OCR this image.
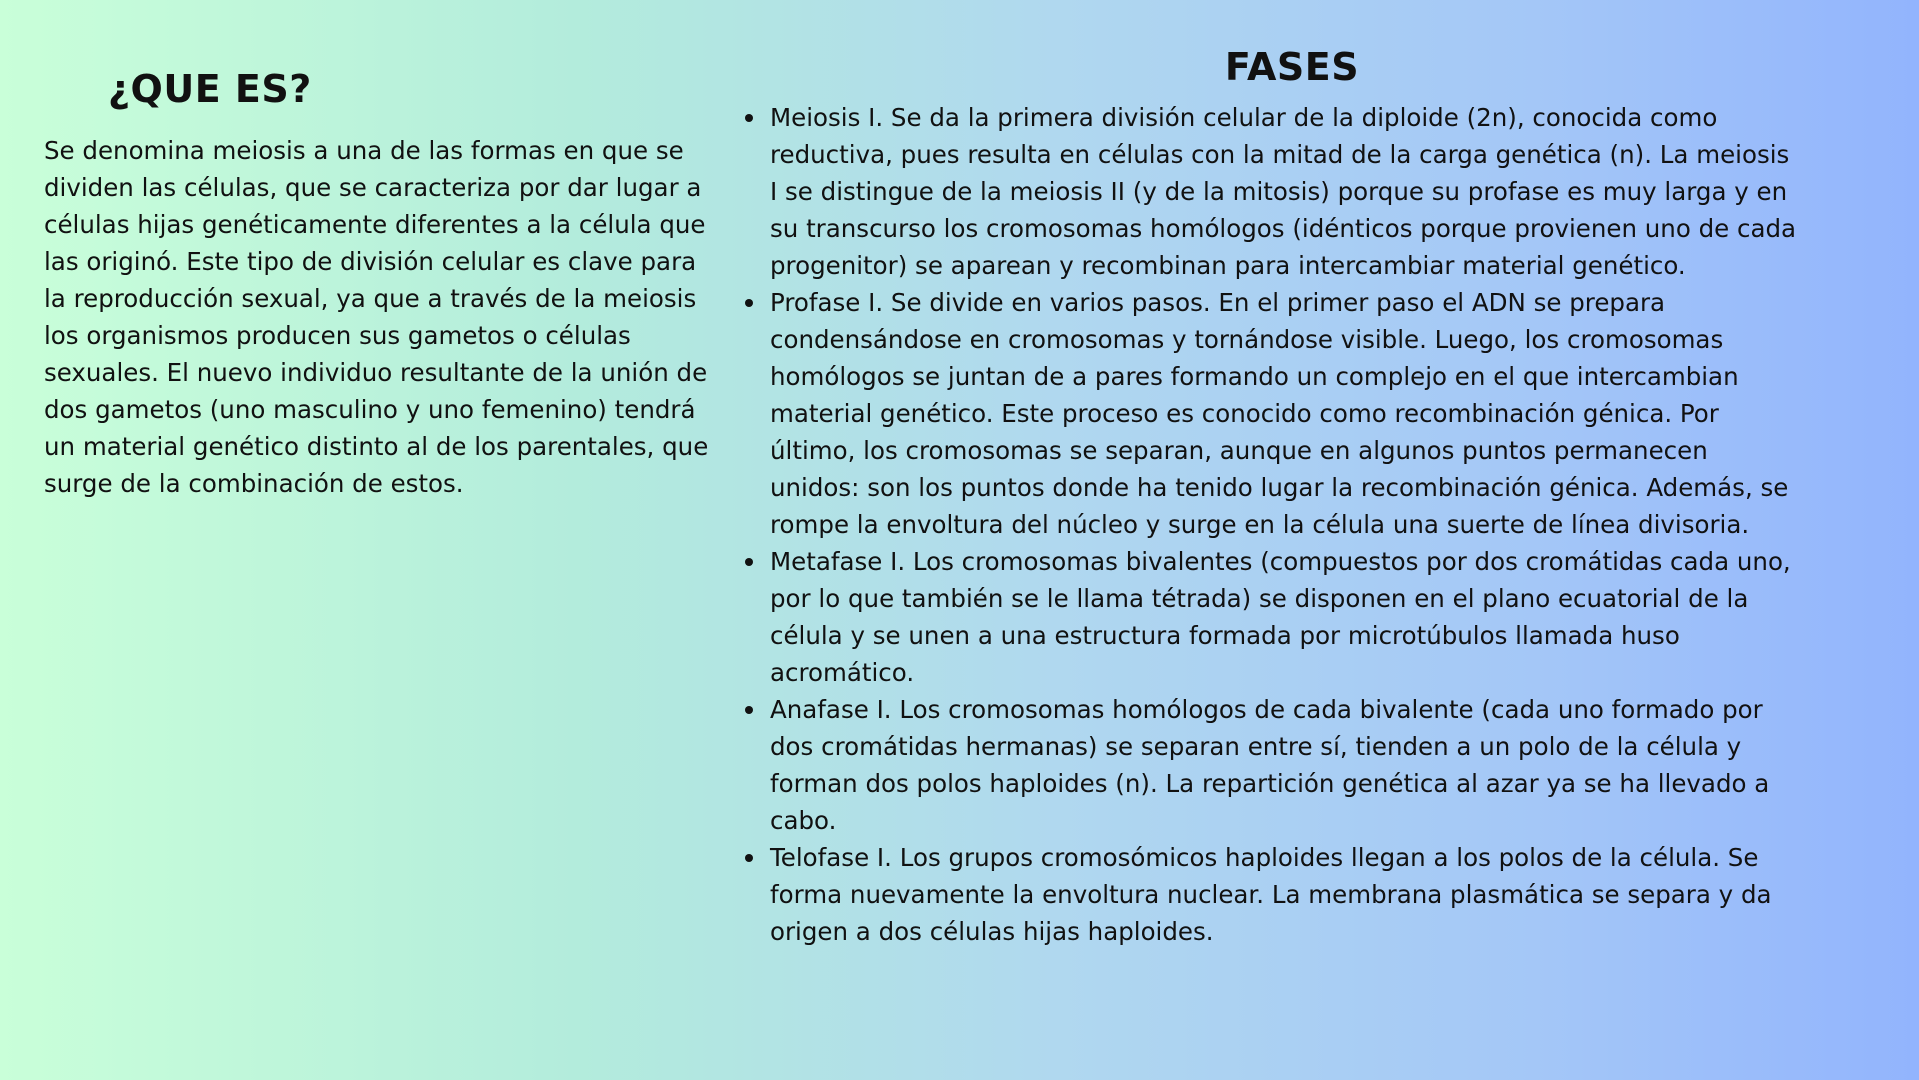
¿QUE ES?

Se denomina meiosis a una de las formas en que se dividen las células, que se caracteriza por dar lugar a células hijas genéticamente diferentes a la célula que las originó. Este tipo de división celular es clave para la reproducción sexual, ya que a través de la meiosis los organismos producen sus gametos o células sexuales. El nuevo individuo resultante de la unión de dos gametos (uno masculino y uno femenino) tendrá un material genético distinto al de los parentales, que surge de la combinación de estos.

FASES
Meiosis I. Se da la primera división celular de la diploide (2n), conocida como reductiva, pues resulta en células con la mitad de la carga genética (n). La meiosis I se distingue de la meiosis II (y de la mitosis) porque su profase es muy larga y en su transcurso los cromosomas homólogos (idénticos porque provienen uno de cada progenitor) se aparean y recombinan para intercambiar material genético.
Profase I. Se divide en varios pasos. En el primer paso el ADN se prepara condensándose en cromosomas y tornándose visible. Luego, los cromosomas homólogos se juntan de a pares formando un complejo en el que intercambian material genético. Este proceso es conocido como recombinación génica. Por último, los cromosomas se separan, aunque en algunos puntos permanecen unidos: son los puntos donde ha tenido lugar la recombinación génica. Además, se rompe la envoltura del núcleo y surge en la célula una suerte de línea divisoria.
Metafase I. Los cromosomas bivalentes (compuestos por dos cromátidas cada uno, por lo que también se le llama tétrada) se disponen en el plano ecuatorial de la célula y se unen a una estructura formada por microtúbulos llamada huso acromático.
Anafase I. Los cromosomas homólogos de cada bivalente (cada uno formado por dos cromátidas hermanas) se separan entre sí, tienden a un polo de la célula y forman dos polos haploides (n). La repartición genética al azar ya se ha llevado a cabo.
Telofase I. Los grupos cromosómicos haploides llegan a los polos de la célula. Se forma nuevamente la envoltura nuclear. La membrana plasmática se separa y da origen a dos células hijas haploides.
